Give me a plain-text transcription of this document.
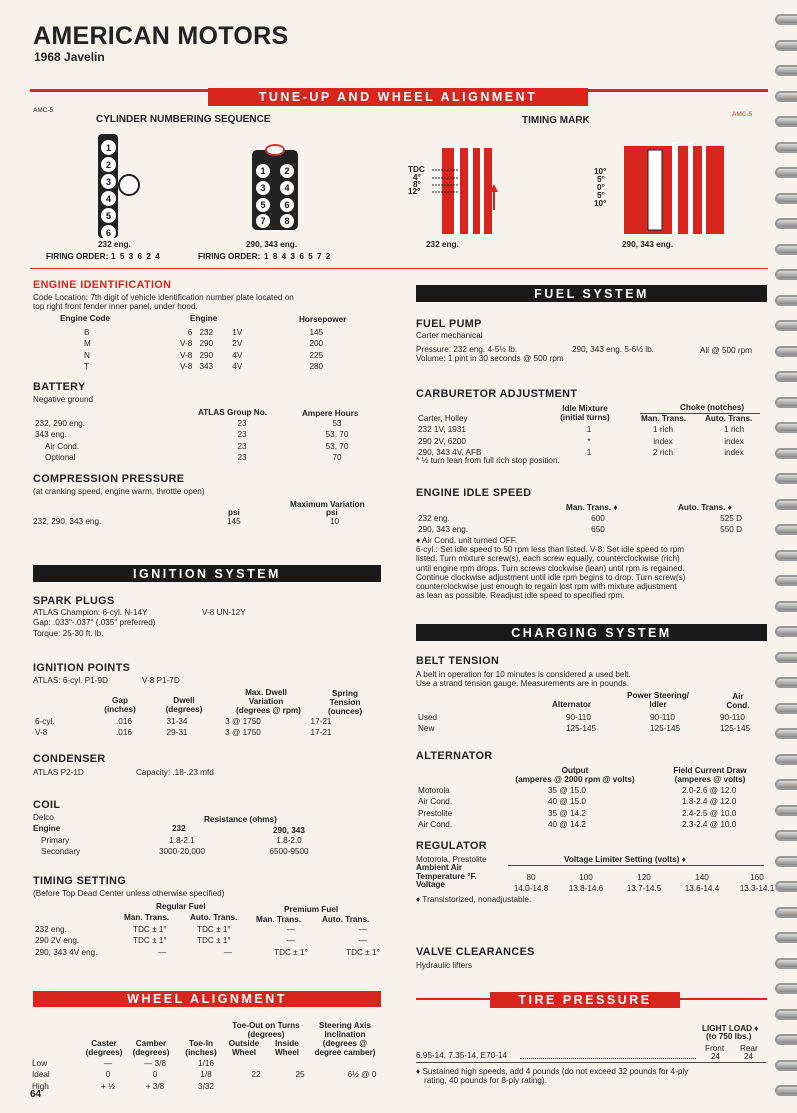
AMERICAN MOTORS
1968 Javelin
TUNE-UP AND WHEEL ALIGNMENT
AMC-5
AMC-5
CYLINDER NUMBERING SEQUENCE	TIMING MARK
1
2
3
4
5
6
232 eng.
1	2
3	4
5	6
7	8
290, 343 eng.
FIRING ORDER: 1 5 3 6 2 4	FIRING ORDER: 1 8 4 3 6 5 7 2
TDC
4°
8°
12°
232 eng.
10°
5°
0°
5°
10°
290, 343 eng.
ENGINE IDENTIFICATION
Code Location: 7th digit of vehicle identification number plate located on
top right front fender inner panel, under hood.
Engine Code	Engine	Horsepower
B	6	232	1V	145
M	V-8	290	2V	200
N	V-8	290	4V	225
T	V-8	343	4V	280
BATTERY
Negative ground
ATLAS Group No.	Ampere Hours
232, 290 eng.	23	53
343 eng.	23	53, 70
Air Cond.	23	53, 70
Optional	23	70
COMPRESSION PRESSURE
(at cranking speed, engine warm, throttle open)
Maximum Variation
psi	psi
232, 290, 343 eng.	145	10
IGNITION SYSTEM
SPARK PLUGS
ATLAS Champion: 6-cyl. N-14Y	V-8 UN-12Y
Gap: .033"-.037" (.035" preferred)
Torque: 25-30 ft. lb.
IGNITION POINTS
ATLAS: 6-cyl. P1-9D	V-8 P1-7D
Max. Dwell
Variation
(degrees @ rpm)
Spring
Tension
(ounces)
Gap
(inches)
Dwell
(degrees)
6-cyl.	.016	31-34	3 @ 1750	17-21
V-8	.016	29-31	3 @ 1750	17-21
CONDENSER
ATLAS P2-1D	Capacity: .18-.23 mfd
COIL
Delco	Resistance (ohms)
Engine	232	290, 343
Primary	1.8-2.1	1.8-2.0
Secondary	3000-20,000	6500-9500
TIMING SETTING
(Before Top Dead Center unless otherwise specified)
Regular Fuel	Premium Fuel
Man. Trans.	Auto. Trans. Man. Trans.	Auto. Trans.
232 eng.	TDC ± 1°	TDC ± 1°	—	—
290 2V eng.	TDC ± 1°	TDC ± 1°	—	—
290, 343 4V eng.	—	—	TDC ± 1°	TDC ± 1°
WHEEL ALIGNMENT
Toe-Out on Turns
(degrees)
Steering Axis
Inclination
(degrees @
degree camber)
Caster
(degrees)
Camber
(degrees)
Toe-In
(inches)
Outside
Wheel
Inside
Wheel
Low	—	— 3/8	1/16			
Ideal	0	0	1/8	22	25	6½ @ 0
High	+ ½	+ 3/8	3/32			
64
FUEL SYSTEM
FUEL PUMP
Carter mechanical
Pressure: 232 eng. 4-5½ lb.	290, 343 eng. 5-6½ lb.	All @ 500 rpm
Volume: 1 pint in 30 seconds @ 500 rpm
CARBURETOR ADJUSTMENT
Idle Mixture
(initial turns)
Choke (notches)
Man. Trans. Auto. Trans.
Carter, Holley			
232 1V, 1931	1	1 rich	1 rich
290 2V, 6200	*	index	index
290, 343 4V, AFB	1	2 rich	index
* ½ turn lean from full rich stop position.
ENGINE IDLE SPEED
Man. Trans. ♦	Auto. Trans. ♦
232 eng.	600	525 D
290, 343 eng.	650	550 D
♦ Air Cond. unit turned OFF.
6-cyl.: Set idle speed to 50 rpm less than listed. V-8: Set idle speed to rpm
listed. Turn mixture screw(s), each screw equally, counterclockwise (rich)
until engine rpm drops. Turn screws clockwise (lean) until rpm is regained.
Continue clockwise adjustment until idle rpm begins to drop. Turn screw(s)
counterclockwise just enough to regain lost rpm with mixture adjustment
as lean as possible. Readjust idle speed to specified rpm.
CHARGING SYSTEM
BELT TENSION
A belt in operation for 10 minutes is considered a used belt.
Use a strand tension gauge. Measurements are in pounds.
Power Steering/
Idler
Air
Cond.
Alternator
Used	90-110	90-110	90-110
New	125-145	125-145	125-145
ALTERNATOR
Output
(amperes @ 2000 rpm @ volts)
Field Current Draw
(amperes @ volts)
Motorola	35 @ 15.0	2.0-2.6 @ 12.0
Air Cond.	40 @ 15.0	1.8-2.4 @ 12.0
Prestolite	35 @ 14.2	2.4-2.5 @ 10.0
Air Cond.	40 @ 14.2	2.3-2.4 @ 10.0
REGULATOR
Motorola, Prestolite	Voltage Limiter Setting (volts) ♦
Ambient Air
Temperature °F.
Voltage
80	100	120	140	160
14.0-14.8	13.8-14.6	13.7-14.5	13.6-14.4	13.3-14.1
♦ Transistorized, nonadjustable.
VALVE CLEARANCES
Hydraulic lifters
TIRE PRESSURE
LIGHT LOAD ♦
(to 750 lbs.)
Front Rear
6.95-14, 7.35-14, E70-14	24	24
♦ Sustained high speeds, add 4 pounds (do not exceed 32 pounds for 4-ply
rating, 40 pounds for 8-ply rating).
